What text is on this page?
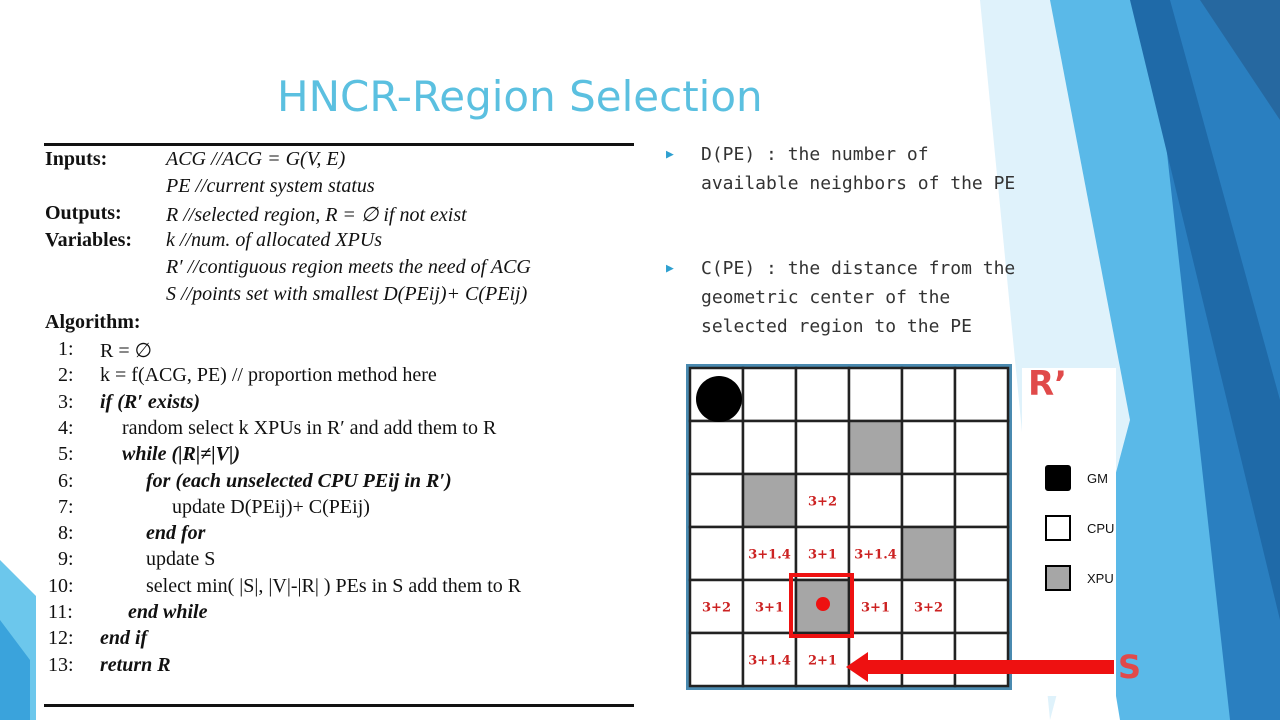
HNCR-Region Selection
Inputs:	ACG //ACG = G(V, E)
PE //current system status
Outputs: R //selected region, R = ∅ if not exist
Variables: k //num. of allocated XPUs
R′ //contiguous region meets the need of ACG
S //points set with smallest D(PEij)+ C(PEij)
Algorithm:
1: R = ∅
2: k = f(ACG, PE) // proportion method here
3: if (R′ exists)
4: random select k XPUs in R′ and add them to R
5: while (|R|≠|V|)
6:	for (each unselected CPU PEij in R′)
7:	update D(PEij)+ C(PEij)
8:	end for
9:	update S
10:	select min( |S|, |V|-|R| ) PEs in S add them to R
11:	end while
12: end if
13: return R
▶ D(PE) : the number of available neighbors of the PE
▶ C(PE) : the distance from the geometric center of the selected region to the PE
3+2
3+1.4 3+1 3+1.4
3+2 3+1	3+1 3+2
3+1.4 2+1
GM
CPU
XPU
R’
S
